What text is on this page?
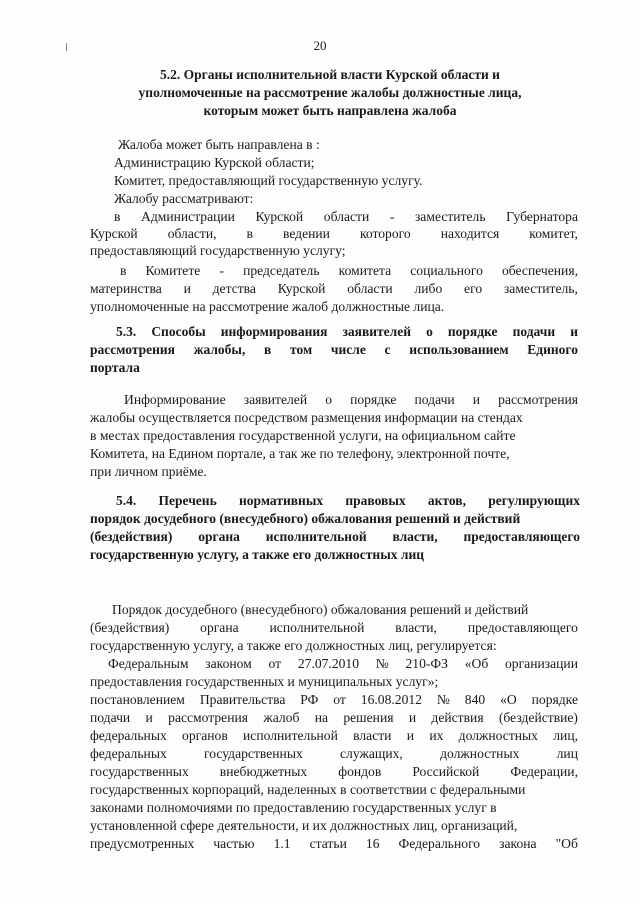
20
5.2. Органы исполнительной власти Курской области и
уполномоченные на рассмотрение жалобы должностные лица,
которым может быть направлена жалоба
Жалоба может быть направлена в :
Администрацию Курской области;
Комитет, предоставляющий государственную услугу.
Жалобу рассматривают:
в Администрации Курской области - заместитель Губернатора
Курской области, в ведении которого находится комитет,
предоставляющий государственную услугу;
в Комитете - председатель комитета социального обеспечения,
материнства и детства Курской области либо его заместитель,
уполномоченные на рассмотрение жалоб должностные лица.
5.3. Способы информирования заявителей о порядке подачи и
рассмотрения жалобы, в том числе с использованием Единого
портала
Информирование заявителей о порядке подачи и рассмотрения
жалобы осуществляется посредством размещения информации на стендах
в местах предоставления государственной услуги, на официальном сайте
Комитета, на Едином портале, а так же по телефону, электронной почте,
при личном приёме.
5.4. Перечень нормативных правовых актов, регулирующих
порядок досудебного (внесудебного) обжалования решений и действий
(бездействия) органа исполнительной власти, предоставляющего
государственную услугу, а также его должностных лиц
Порядок досудебного (внесудебного) обжалования решений и действий
(бездействия) органа исполнительной власти, предоставляющего
государственную услугу, а также его должностных лиц, регулируется:
Федеральным законом от 27.07.2010 № 210-ФЗ «Об организации
предоставления государственных и муниципальных услуг»;
постановлением Правительства РФ от 16.08.2012 № 840 «О порядке
подачи и рассмотрения жалоб на решения и действия (бездействие)
федеральных органов исполнительной власти и их должностных лиц,
федеральных	государственных	служащих,	должностных	лиц
государственных внебюджетных фондов Российской Федерации,
государственных корпораций, наделенных в соответствии с федеральными
законами полномочиями по предоставлению государственных услуг в
установленной сфере деятельности, и их должностных лиц, организаций,
предусмотренных частью 1.1 статьи 16 Федерального закона "Об
